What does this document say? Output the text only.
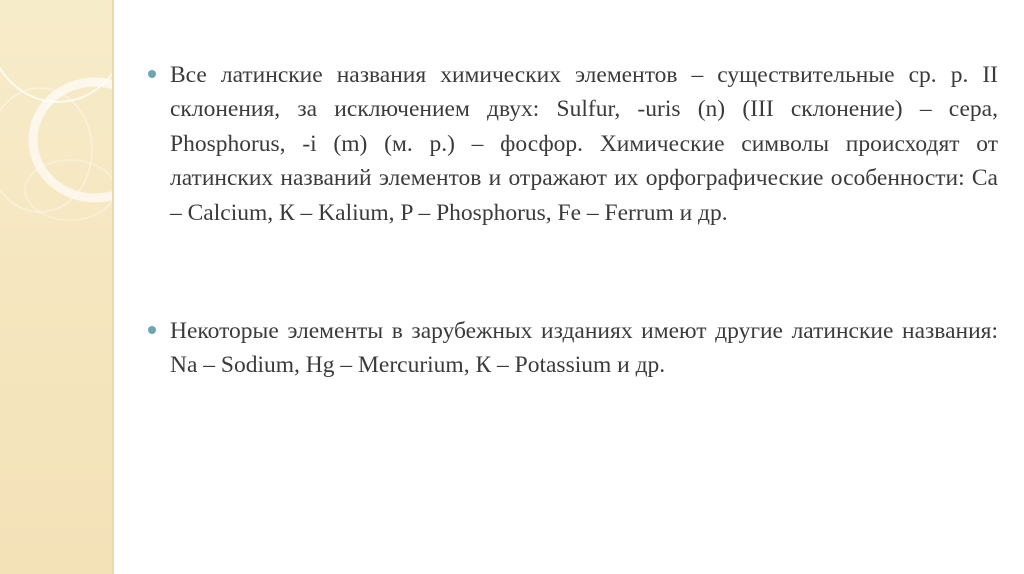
Все латинские названия химических элементов – существительные ср. р. II склонения, за исключением двух: Sulfur, -uris (n) (III склонение) – сера, Phosphorus, -i (m) (м. р.) – фосфор. Химические символы происходят от латинских названий элементов и отражают их орфографические особенности: Ca – Calcium, К – Kalium, P – Phosphorus, Fe – Ferrum и др.
Некоторые элементы в зарубежных изданиях имеют другие латинские названия: Na – Sodium, Hg – Mercurium, К – Potassium и др.
